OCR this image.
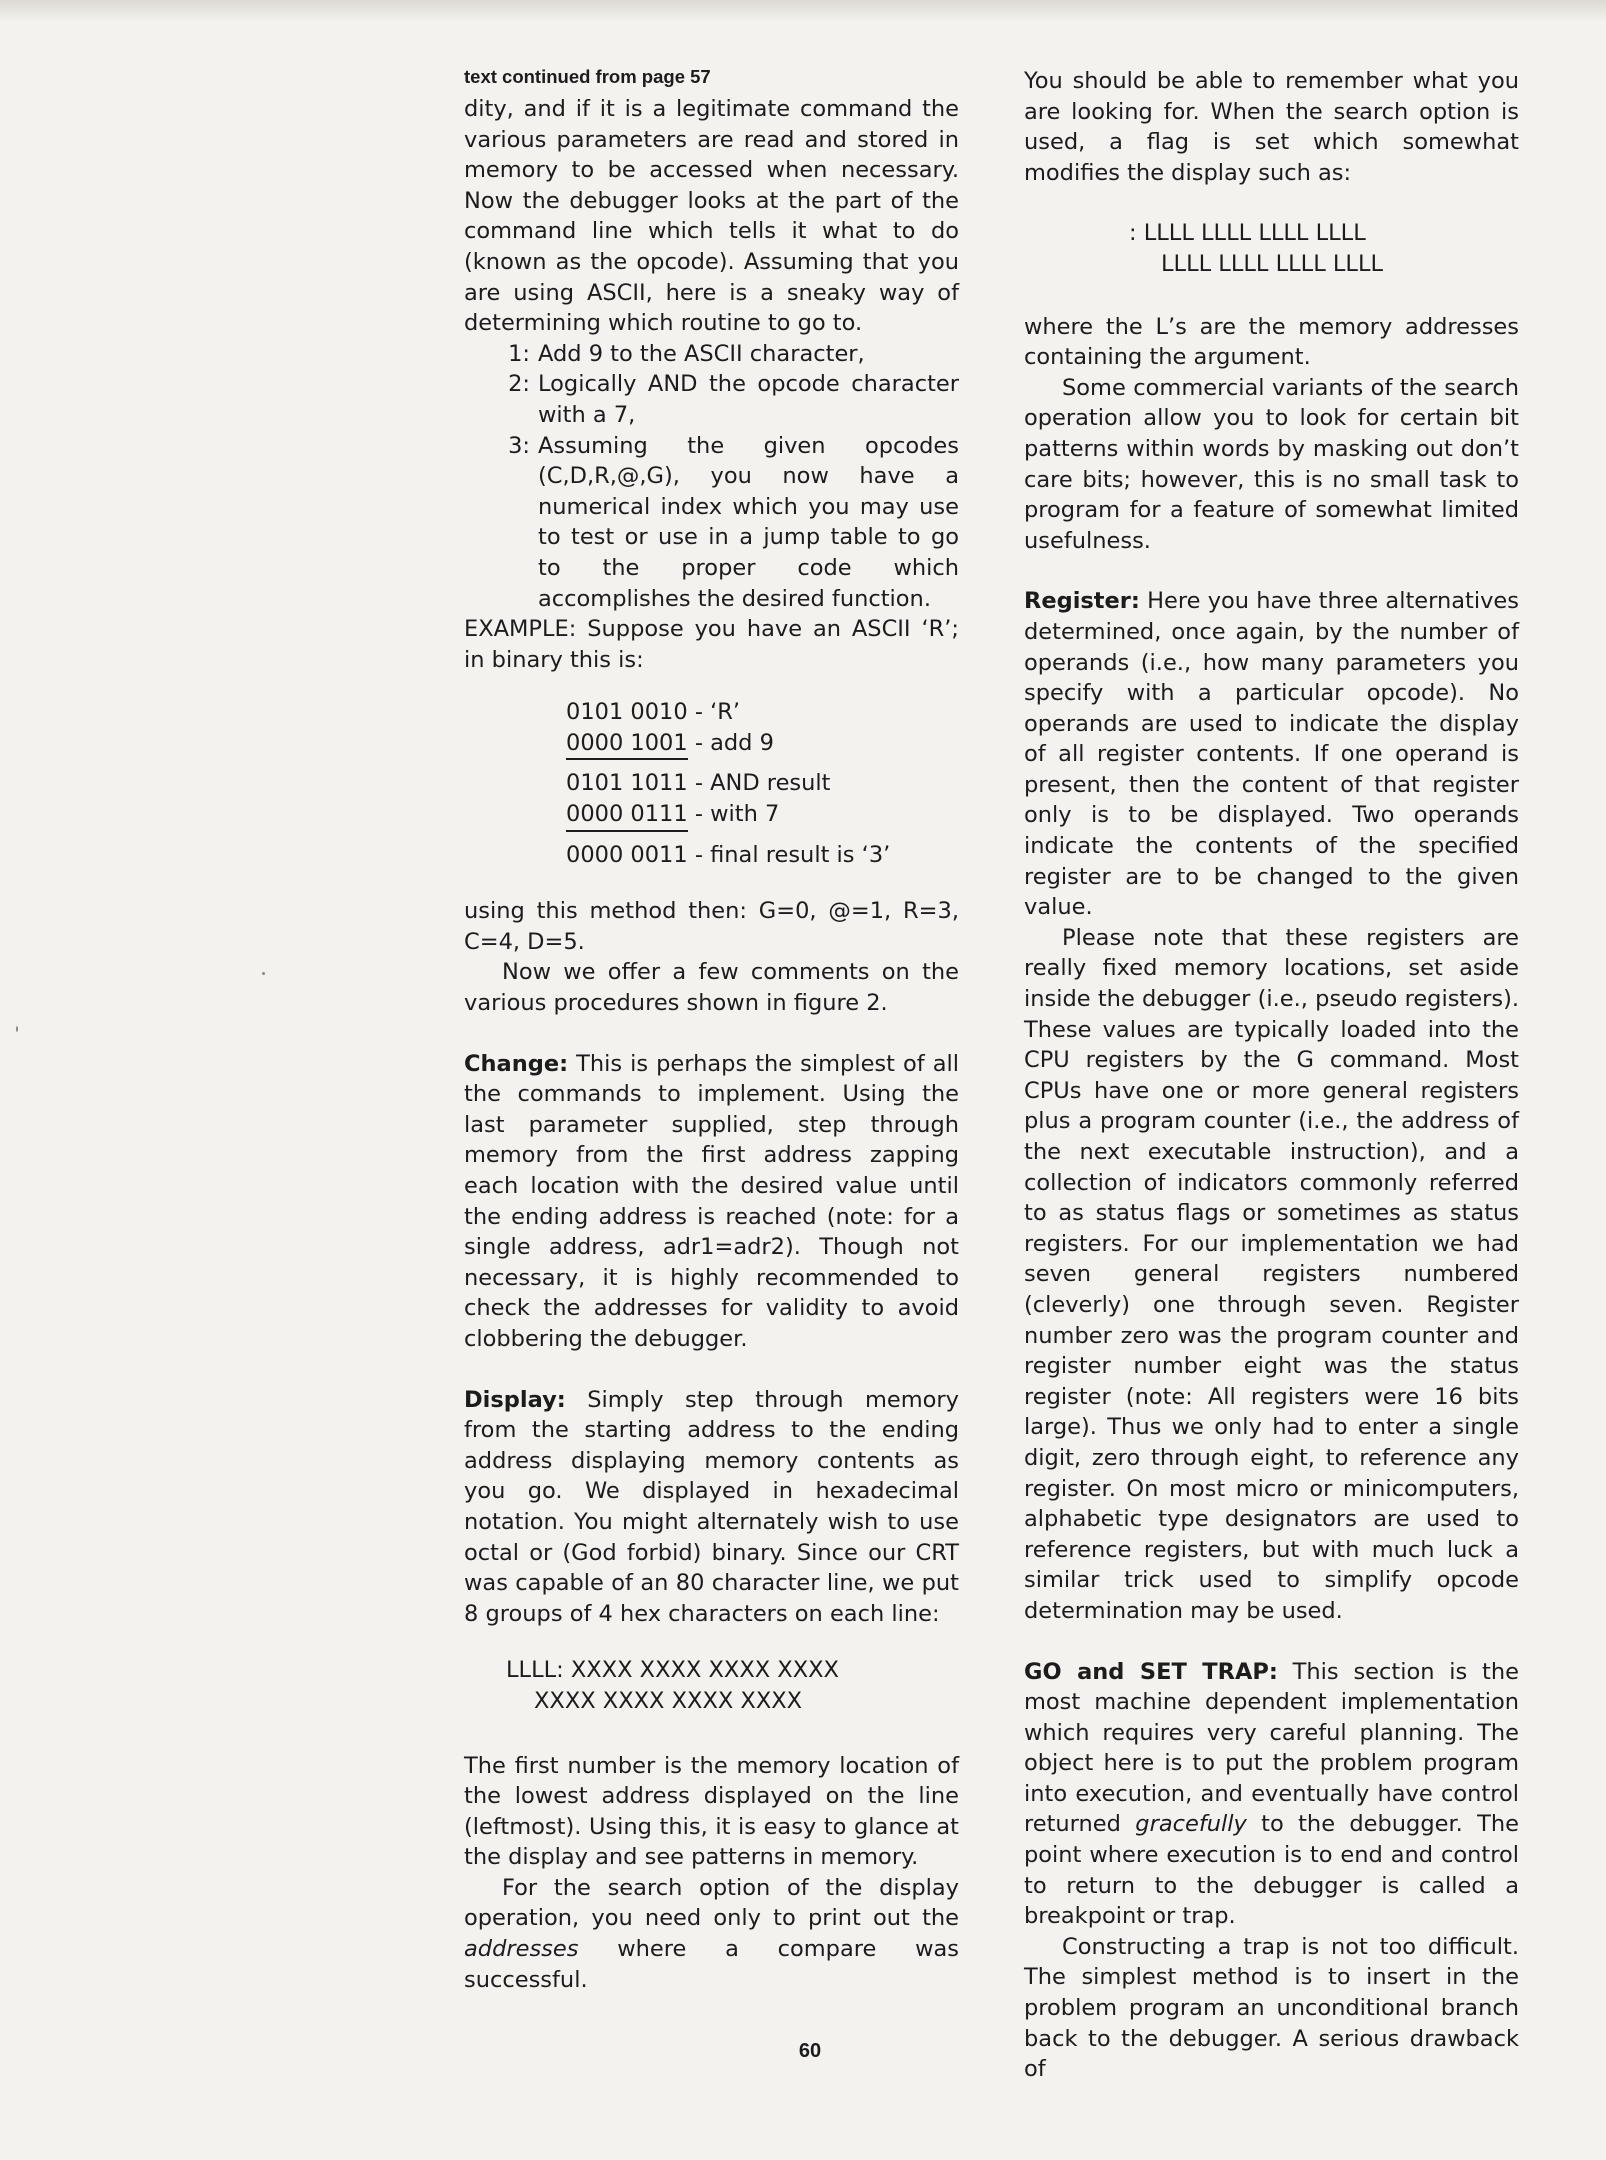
text continued from page 57

dity, and if it is a legitimate command the various parameters are read and stored in memory to be accessed when necessary. Now the debugger looks at the part of the command line which tells it what to do (known as the opcode). Assuming that you are using ASCII, here is a sneaky way of determining which routine to go to.

1: Add 9 to the ASCII character,
2: Logically AND the opcode character with a 7,
3: Assuming the given opcodes (C,D,R,@,G), you now have a numerical index which you may use to test or use in a jump table to go to the proper code which accomplishes the desired function.

EXAMPLE: Suppose you have an ASCII ‘R’; in binary this is:

0101 0010 - ‘R’
0000 1001 - add 9
0101 1011 - AND result
0000 0111 - with 7
0000 0011 - final result is ‘3’

using this method then: G=0, @=1, R=3, C=4, D=5.

Now we offer a few comments on the various procedures shown in figure 2.

Change: This is perhaps the simplest of all the commands to implement. Using the last parameter supplied, step through memory from the first address zapping each location with the desired value until the ending address is reached (note: for a single address, adr1=adr2). Though not necessary, it is highly recommended to check the addresses for validity to avoid clobbering the debugger.

Display: Simply step through memory from the starting address to the ending address displaying memory contents as you go. We displayed in hexadecimal notation. You might alternately wish to use octal or (God forbid) binary. Since our CRT was capable of an 80 character line, we put 8 groups of 4 hex characters on each line:

LLLL: XXXX XXXX XXXX XXXX
XXXX XXXX XXXX XXXX

The first number is the memory location of the lowest address displayed on the line (leftmost). Using this, it is easy to glance at the display and see patterns in memory.

For the search option of the display operation, you need only to print out the addresses where a compare was successful.

You should be able to remember what you are looking for. When the search option is used, a flag is set which somewhat modifies the display such as:

: LLLL LLLL LLLL LLLL
LLLL LLLL LLLL LLLL

where the L’s are the memory addresses containing the argument.

Some commercial variants of the search operation allow you to look for certain bit patterns within words by masking out don’t care bits; however, this is no small task to program for a feature of somewhat limited usefulness.

Register: Here you have three alternatives determined, once again, by the number of operands (i.e., how many parameters you specify with a particular opcode). No operands are used to indicate the display of all register contents. If one operand is present, then the content of that register only is to be displayed. Two operands indicate the contents of the specified register are to be changed to the given value.

Please note that these registers are really fixed memory locations, set aside inside the debugger (i.e., pseudo registers). These values are typically loaded into the CPU registers by the G command. Most CPUs have one or more general registers plus a program counter (i.e., the address of the next executable instruction), and a collection of indicators commonly referred to as status flags or sometimes as status registers. For our implementation we had seven general registers numbered (cleverly) one through seven. Register number zero was the program counter and register number eight was the status register (note: All registers were 16 bits large). Thus we only had to enter a single digit, zero through eight, to reference any register. On most micro or minicomputers, alphabetic type designators are used to reference registers, but with much luck a similar trick used to simplify opcode determination may be used.

GO and SET TRAP: This section is the most machine dependent implementation which requires very careful planning. The object here is to put the problem program into execution, and eventually have control returned gracefully to the debugger. The point where execution is to end and control to return to the debugger is called a breakpoint or trap.

Constructing a trap is not too difficult. The simplest method is to insert in the problem program an unconditional branch back to the debugger. A serious drawback of

60
